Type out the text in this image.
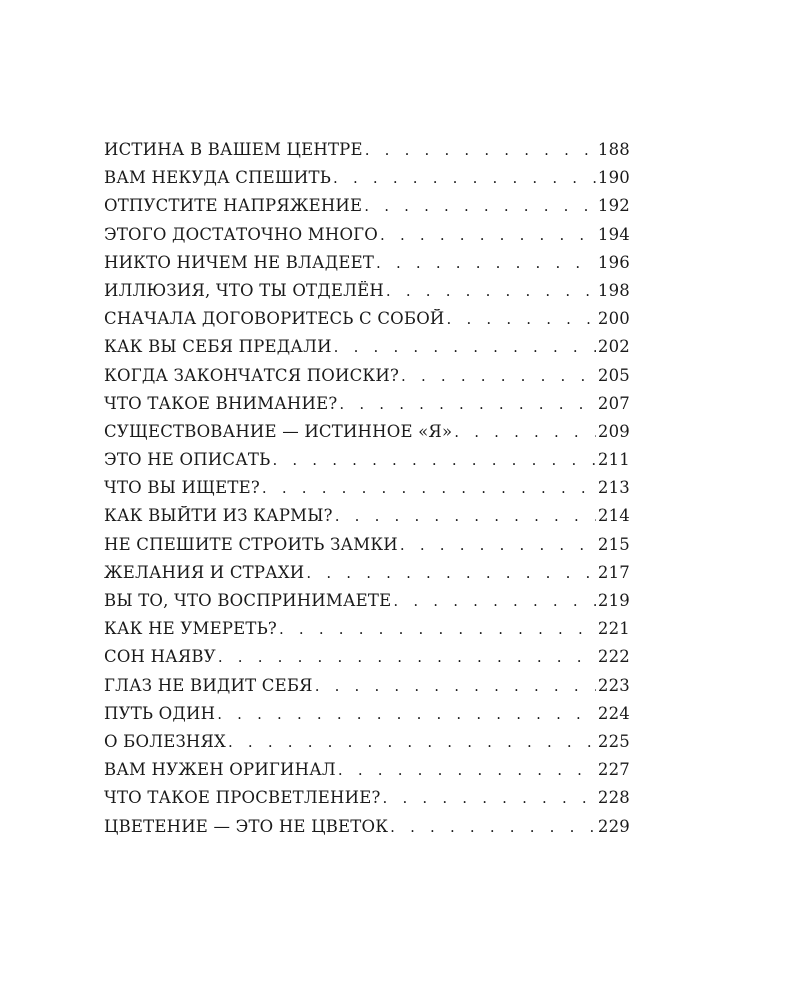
ИСТИНА В ВАШЕМ ЦЕНТРЕ . . .	188
ВАМ НЕКУДА СПЕШИТЬ . . .	190
ОТПУСТИТЕ НАПРЯЖЕНИЕ . . .	192
ЭТОГО ДОСТАТОЧНО МНОГО . . .	194
НИКТО НИЧЕМ НЕ ВЛАДЕЕТ . . .	196
ИЛЛЮЗИЯ, ЧТО ТЫ ОТДЕЛЁН . . .	198
СНАЧАЛА ДОГОВОРИТЕСЬ С СОБОЙ . . .	200
КАК ВЫ СЕБЯ ПРЕДАЛИ . . .	202
КОГДА ЗАКОНЧАТСЯ ПОИСКИ? . . .	205
ЧТО ТАКОЕ ВНИМАНИЕ? . . .	207
СУЩЕСТВОВАНИЕ — ИСТИННОЕ «Я» . . .	209
ЭТО НЕ ОПИСАТЬ . . .	211
ЧТО ВЫ ИЩЕТЕ? . . .	213
КАК ВЫЙТИ ИЗ КАРМЫ? . . .	214
НЕ СПЕШИТЕ СТРОИТЬ ЗАМКИ . . .	215
ЖЕЛАНИЯ И СТРАХИ . . .	217
ВЫ ТО, ЧТО ВОСПРИНИМАЕТЕ . . .	219
КАК НЕ УМЕРЕТЬ? . . .	221
СОН НАЯВУ . . .	222
ГЛАЗ НЕ ВИДИТ СЕБЯ . . .	223
ПУТЬ ОДИН . . .	224
О БОЛЕЗНЯХ . . .	225
ВАМ НУЖЕН ОРИГИНАЛ . . .	227
ЧТО ТАКОЕ ПРОСВЕТЛЕНИЕ? . . .	228
ЦВЕТЕНИЕ — ЭТО НЕ ЦВЕТОК . . .	229
